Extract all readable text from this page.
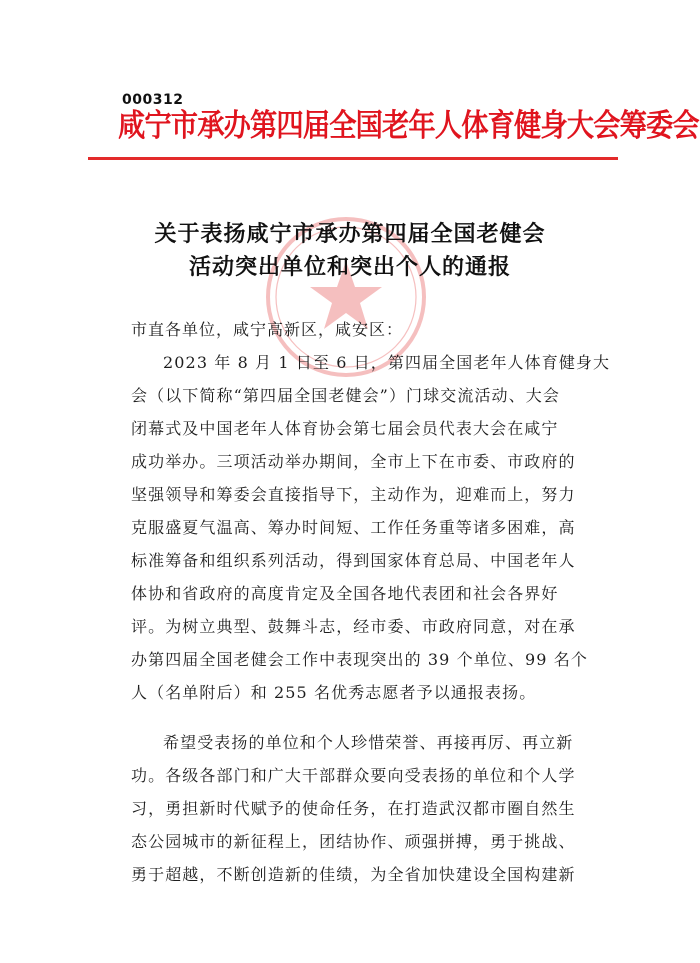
000312
咸宁市承办第四届全国老年人体育健身大会筹委会
关于表扬咸宁市承办第四届全国老健会
活动突出单位和突出个人的通报
市直各单位，咸宁高新区，咸安区：
2023 年 8 月 1 日至 6 日，第四届全国老年人体育健身大
会（以下简称“第四届全国老健会”）门球交流活动、大会
闭幕式及中国老年人体育协会第七届会员代表大会在咸宁
成功举办。三项活动举办期间，全市上下在市委、市政府的
坚强领导和筹委会直接指导下，主动作为，迎难而上，努力
克服盛夏气温高、筹办时间短、工作任务重等诸多困难，高
标准筹备和组织系列活动，得到国家体育总局、中国老年人
体协和省政府的高度肯定及全国各地代表团和社会各界好
评。为树立典型、鼓舞斗志，经市委、市政府同意，对在承
办第四届全国老健会工作中表现突出的 39 个单位、99 名个
人（名单附后）和 255 名优秀志愿者予以通报表扬。
希望受表扬的单位和个人珍惜荣誉、再接再厉、再立新
功。各级各部门和广大干部群众要向受表扬的单位和个人学
习，勇担新时代赋予的使命任务，在打造武汉都市圈自然生
态公园城市的新征程上，团结协作、顽强拼搏，勇于挑战、
勇于超越，不断创造新的佳绩，为全省加快建设全国构建新
